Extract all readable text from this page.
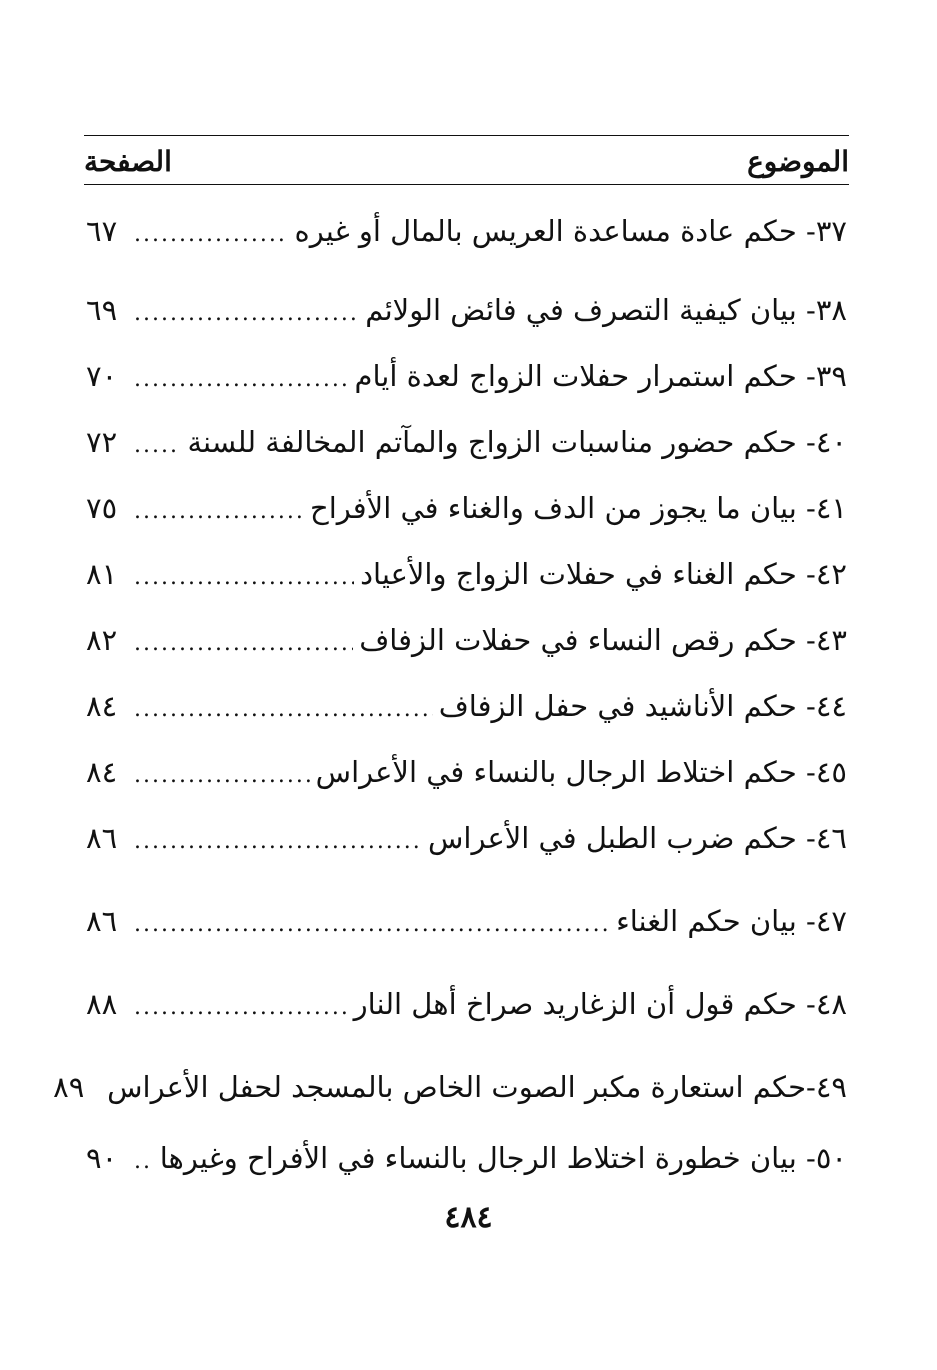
الموضوع
الصفحة
٣٧- حكم عادة مساعدة العريس بالمال أو غيره
.....
٦٧
٣٨- بيان كيفية التصرف في فائض الولائم
.....
٦٩
٣٩- حكم استمرار حفلات الزواج لعدة أيام
.....
٧٠
٤٠- حكم حضور مناسبات الزواج والمآتم المخالفة للسنة
.....
٧٢
٤١- بيان ما يجوز من الدف والغناء في الأفراح
.....
٧٥
٤٢- حكم الغناء في حفلات الزواج والأعياد
.....
٨١
٤٣- حكم رقص النساء في حفلات الزفاف
.....
٨٢
٤٤- حكم الأناشيد في حفل الزفاف
.....
٨٤
٤٥- حكم اختلاط الرجال بالنساء في الأعراس
.....
٨٤
٤٦- حكم ضرب الطبل في الأعراس
.....
٨٦
٤٧- بيان حكم الغناء
.....
٨٦
٤٨- حكم قول أن الزغاريد صراخ أهل النار
.....
٨٨
٤٩-حكم استعارة مكبر الصوت الخاص بالمسجد لحفل الأعراس
٨٩
٥٠- بيان خطورة اختلاط الرجال بالنساء في الأفراح وغيرها
.....
٩٠
٤٨٤
